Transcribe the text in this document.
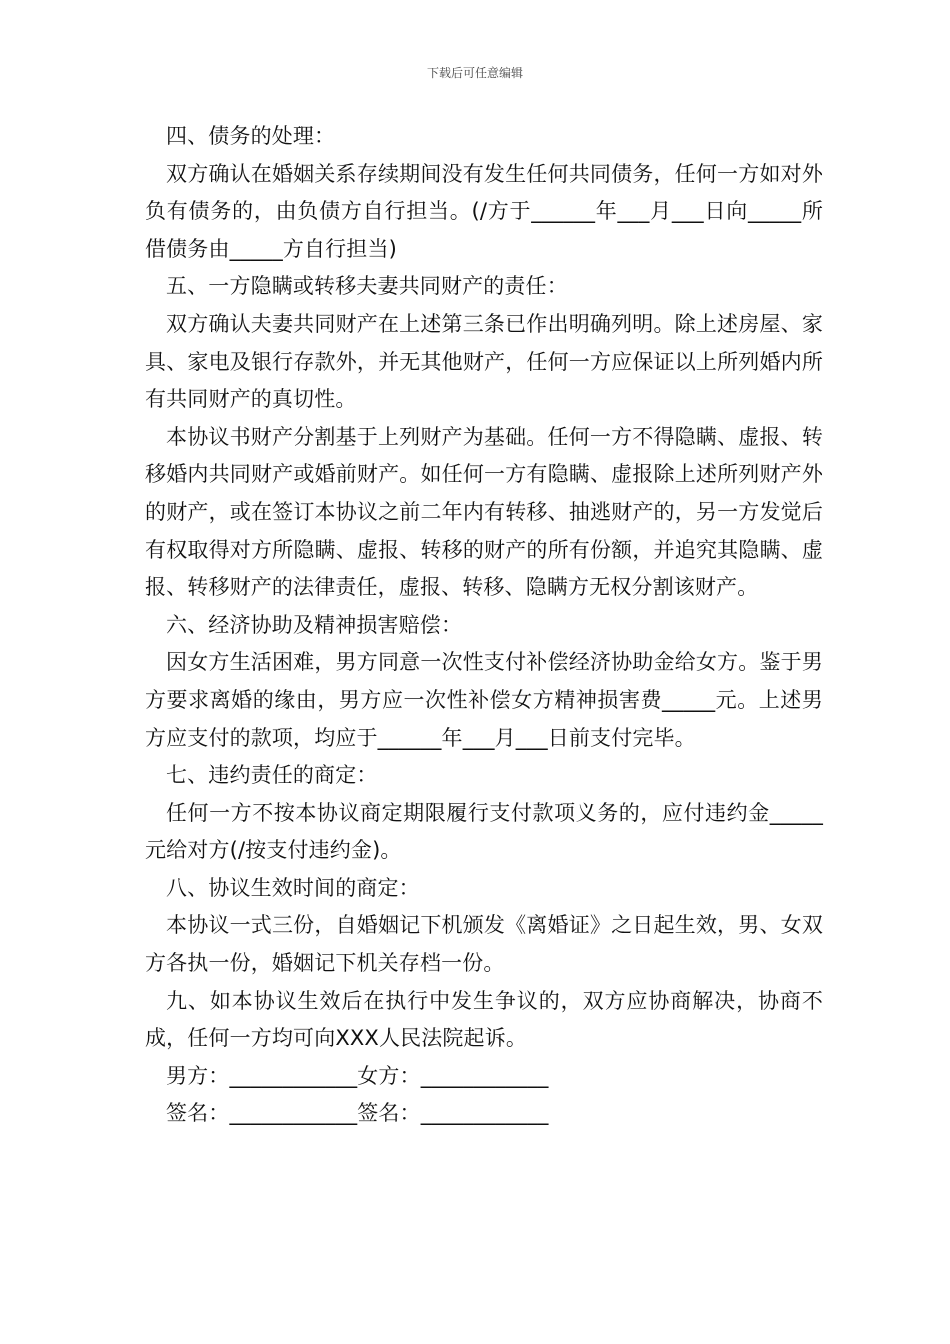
下载后可任意编辑

四、债务的处理：

双方确认在婚姻关系存续期间没有发生任何共同债务，任何一方如对外负有债务的，由负债方自行担当。(/方于______年___月___日向_____所借债务由_____方自行担当)

五、一方隐瞒或转移夫妻共同财产的责任：

双方确认夫妻共同财产在上述第三条已作出明确列明。除上述房屋、家具、家电及银行存款外，并无其他财产，任何一方应保证以上所列婚内所有共同财产的真切性。

本协议书财产分割基于上列财产为基础。任何一方不得隐瞒、虚报、转移婚内共同财产或婚前财产。如任何一方有隐瞒、虚报除上述所列财产外的财产，或在签订本协议之前二年内有转移、抽逃财产的，另一方发觉后有权取得对方所隐瞒、虚报、转移的财产的所有份额，并追究其隐瞒、虚报、转移财产的法律责任，虚报、转移、隐瞒方无权分割该财产。

六、经济协助及精神损害赔偿：

因女方生活困难，男方同意一次性支付补偿经济协助金给女方。鉴于男方要求离婚的缘由，男方应一次性补偿女方精神损害费_____元。上述男方应支付的款项，均应于______年___月___日前支付完毕。

七、违约责任的商定：

任何一方不按本协议商定期限履行支付款项义务的，应付违约金_____元给对方(/按支付违约金)。

八、协议生效时间的商定：

本协议一式三份，自婚姻记下机颁发《离婚证》之日起生效，男、女双方各执一份，婚姻记下机关存档一份。

九、如本协议生效后在执行中发生争议的，双方应协商解决，协商不成，任何一方均可向XXX人民法院起诉。

男方：____________女方：____________

签名：____________签名：____________
